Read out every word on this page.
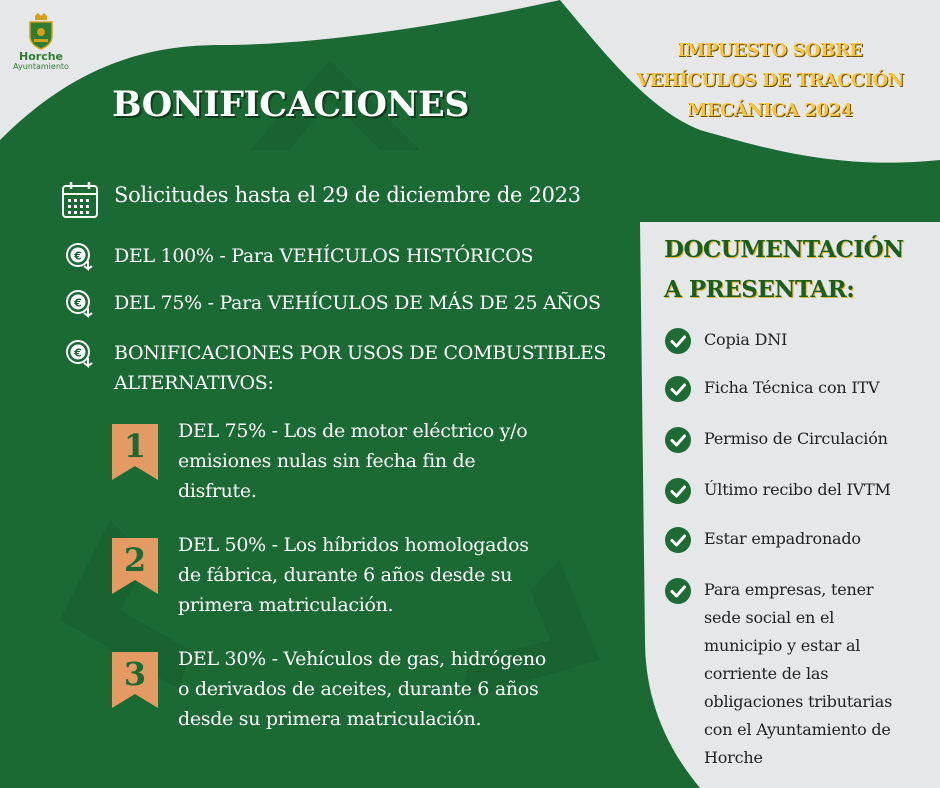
Horche
Ayuntamiento
IMPUESTO SOBRE
VEHÍCULOS DE TRACCIÓN
MECÁNICA 2024
BONIFICACIONES
Solicitudes hasta el 29 de diciembre de 2023
€ DEL 100% - Para VEHÍCULOS HISTÓRICOS
€ DEL 75% - Para VEHÍCULOS DE MÁS DE 25 AÑOS
€ BONIFICACIONES POR USOS DE COMBUSTIBLES
ALTERNATIVOS:
1	DEL 75% - Los de motor eléctrico y/o
emisiones nulas sin fecha fin de
disfrute.
2	DEL 50% - Los híbridos homologados
de fábrica, durante 6 años desde su
primera matriculación.
3	DEL 30% - Vehículos de gas, hidrógeno
o derivados de aceites, durante 6 años
desde su primera matriculación.
DOCUMENTACIÓN
A PRESENTAR:
Copia DNI
Ficha Técnica con ITV
Permiso de Circulación
Último recibo del IVTM
Estar empadronado
Para empresas, tener
sede social en el
municipio y estar al
corriente de las
obligaciones tributarias
con el Ayuntamiento de
Horche
